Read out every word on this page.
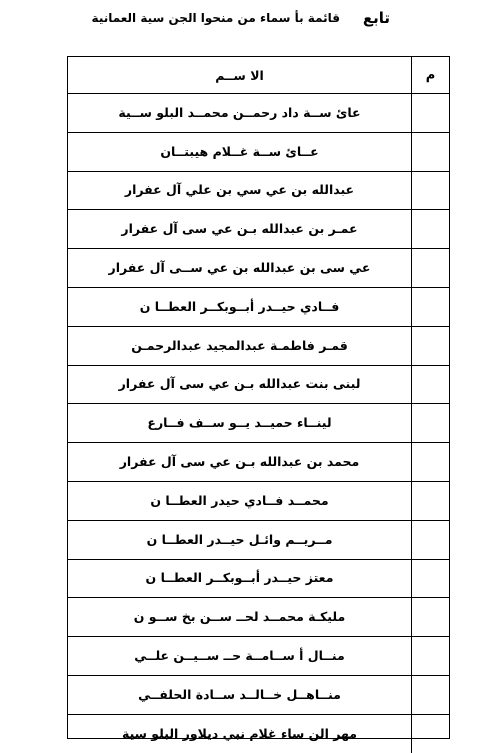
تابع
قائمة بأ سماء من منحوا الجن سية العمانية
م
الا ســم
عائ ســة داد رحمــن محمــد البلو ســية
عــائ ســة غــلام هيبتــان
عبدالله بن عي سي بن علي آل عفرار
عمـر بن عبدالله بـن عي سى آل عفرار
عي سى بن عبدالله بن عي ســى آل عفرار
فــادي حيــدر أبــوبكــر العطــا ن
قمـر فاطمـة عبدالمجيد عبدالرحمـن
لبنى بنت عبدالله بـن عي سى آل عفرار
لينــاء حميــد يــو ســف فــارع
محمد بن عبدالله بـن عي سى آل عفرار
محمــد فــادي حيدر العطــا ن
مــريــم وائـل حيــدر العطــا ن
معتز حيــدر أبــوبكــر العطــا ن
مليكـة محمــد لحــ ســن بخ ســو ن
منــال أ ســامــة حــ ســيــن علــي
منــاهــل خــالــد ســادة الحلفــي
مهر الن ساء غلام نبي ديلاور البلو سية
